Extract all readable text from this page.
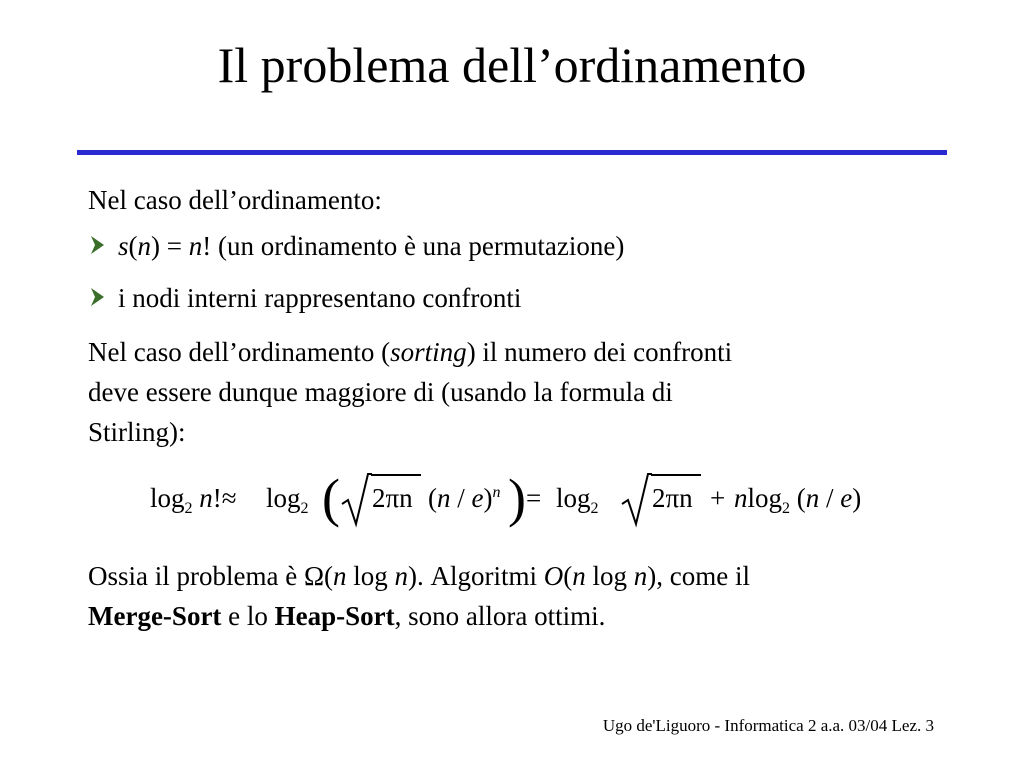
Il problema dell’ordinamento
Nel caso dell’ordinamento:
s(n) = n! (un ordinamento è una permutazione)
i nodi interni rappresentano confronti
Nel caso dell’ordinamento (sorting) il numero dei confronti
deve essere dunque maggiore di (usando la formula di
Stirling):
$\log_2 n!\approx \log_2$ ( 2πn (n / e)$^n$ ) = $\log_2 2\pi n + nlog_2$ (n / e)
Ossia il problema è Ω(n log n). Algoritmi O(n log n), come il
Merge-Sort e lo Heap-Sort, sono allora ottimi.
Ugo de'Liguoro - Informatica 2 a.a. 03/04 Lez. 3
